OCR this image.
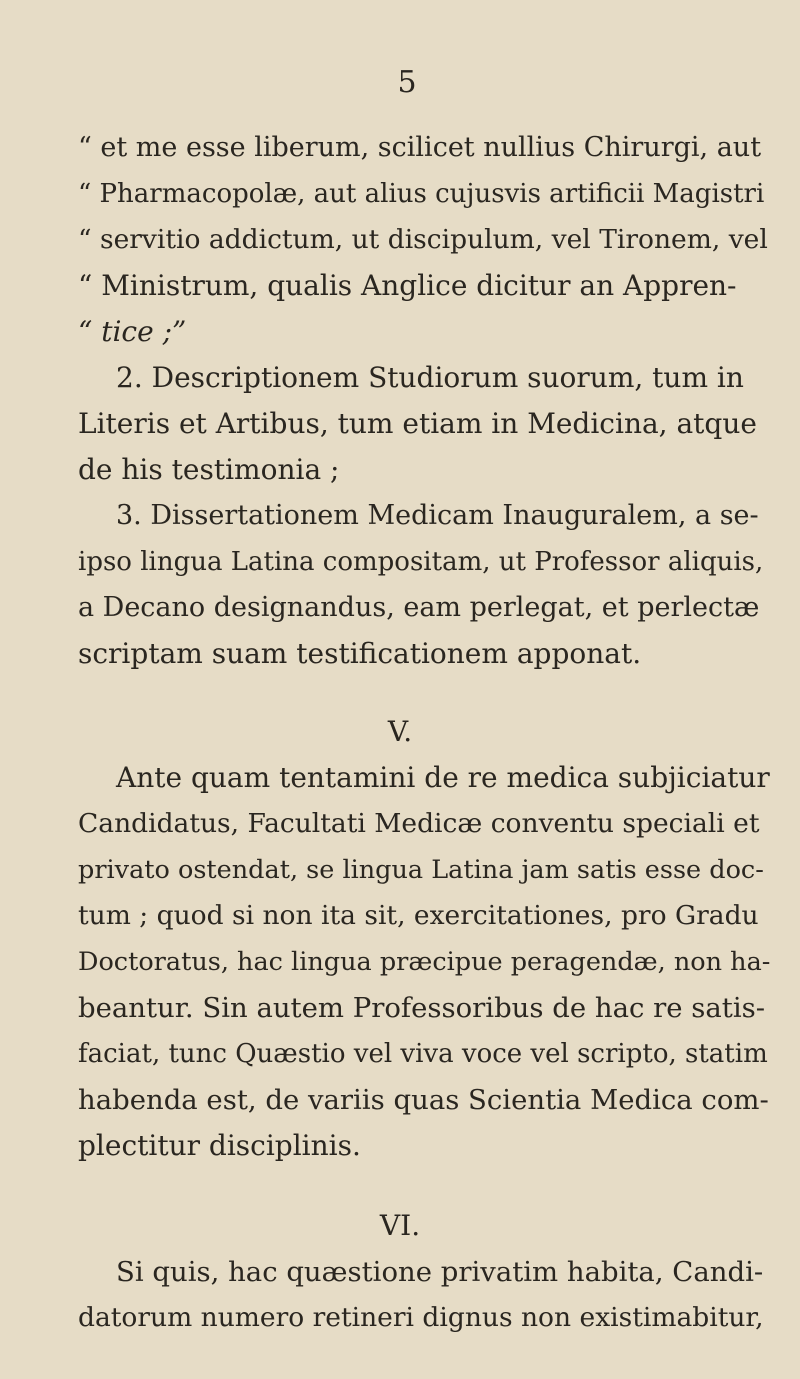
5
“ et me esse liberum, scilicet nullius Chirurgi, aut
“ Pharmacopolæ, aut alius cujusvis artificii Magistri
“ servitio addictum, ut discipulum, vel Tironem, vel
“ Ministrum, qualis Anglice dicitur an Appren-
“ tice ;”
2. Descriptionem Studiorum suorum, tum in
Literis et Artibus, tum etiam in Medicina, atque
de his testimonia ;
3. Dissertationem Medicam Inauguralem, a se-
ipso lingua Latina compositam, ut Professor aliquis,
a Decano designandus, eam perlegat, et perlectæ
scriptam suam testificationem apponat.
V.
Ante quam tentamini de re medica subjiciatur
Candidatus, Facultati Medicæ conventu speciali et
privato ostendat, se lingua Latina jam satis esse doc-
tum ; quod si non ita sit, exercitationes, pro Gradu
Doctoratus, hac lingua præcipue peragendæ, non ha-
beantur. Sin autem Professoribus de hac re satis-
faciat, tunc Quæstio vel viva voce vel scripto, statim
habenda est, de variis quas Scientia Medica com-
plectitur disciplinis.
VI.
Si quis, hac quæstione privatim habita, Candi-
datorum numero retineri dignus non existimabitur,
